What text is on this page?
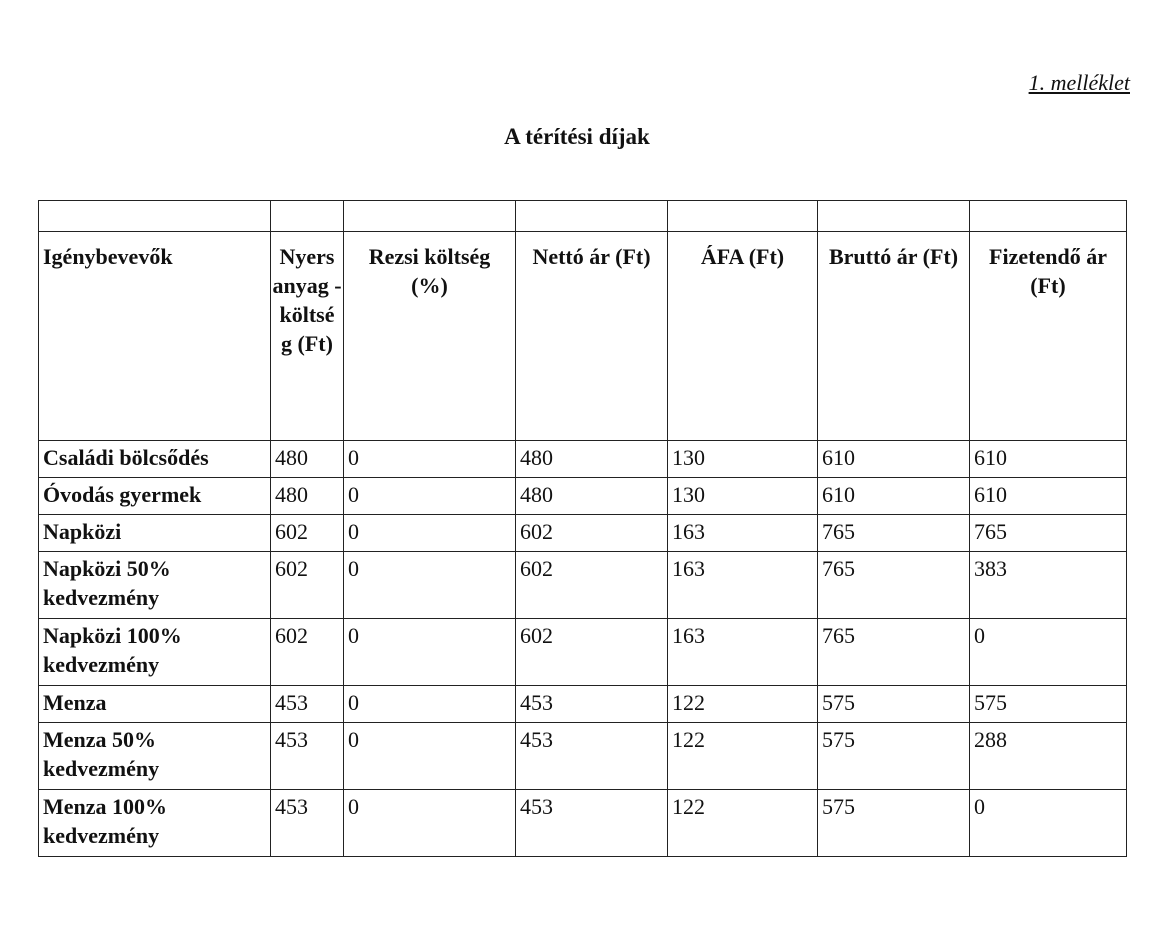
1. melléklet
A térítési díjak

Igénybevevők	Nyers anyag - költsé g (Ft)	Rezsi költség (%)	Nettó ár (Ft)	ÁFA (Ft)	Bruttó ár (Ft)	Fizetendő ár (Ft)
Családi bölcsődés	480	0	480	130	610	610
Óvodás gyermek	480	0	480	130	610	610
Napközi	602	0	602	163	765	765
Napközi 50% kedvezmény	602	0	602	163	765	383
Napközi 100% kedvezmény	602	0	602	163	765	0
Menza	453	0	453	122	575	575
Menza 50% kedvezmény	453	0	453	122	575	288
Menza 100% kedvezmény	453	0	453	122	575	0
